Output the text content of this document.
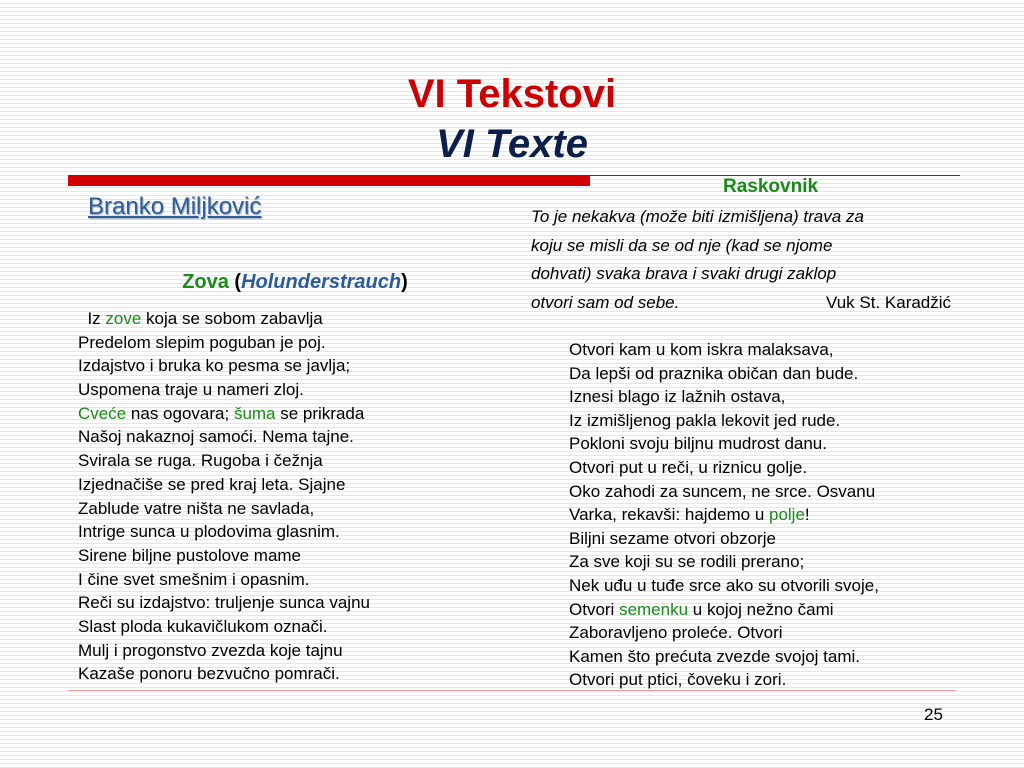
VI Tekstovi
VI Texte
Branko Miljković
Zova (Holunderstrauch)
Iz zove koja se sobom zabavlja
Predelom slepim poguban je poj.
Izdajstvo i bruka ko pesma se javlja;
Uspomena traje u nameri zloj.
Cveće nas ogovara; šuma se prikrada
Našoj nakaznoj samoći. Nema tajne.
Svirala se ruga. Rugoba i čežnja
Izjednačiše se pred kraj leta. Sjajne
Zablude vatre ništa ne savlada,
Intrige sunca u plodovima glasnim.
Sirene biljne pustolove mame
I čine svet smešnim i opasnim.
Reči su izdajstvo: truljenje sunca vajnu
Slast ploda kukavičlukom označi.
Mulj i progonstvo zvezda koje tajnu
Kazaše ponoru bezvučno pomrači.
Raskovnik
To je nekakva (može biti izmišljena) trava za
koju se misli da se od nje (kad se njome
dohvati) svaka brava i svaki drugi zaklop
otvori sam od sebe.	Vuk St. Karadžić
Otvori kam u kom iskra malaksava,
Da lepši od praznika običan dan bude.
Iznesi blago iz lažnih ostava,
Iz izmišljenog pakla lekovit jed rude.
Pokloni svoju biljnu mudrost danu.
Otvori put u reči, u riznicu golje.
Oko zahodi za suncem, ne srce. Osvanu
Varka, rekavši: hajdemo u polje!
Biljni sezame otvori obzorje
Za sve koji su se rodili prerano;
Nek uđu u tuđe srce ako su otvorili svoje,
Otvori semenku u kojoj nežno čami
Zaboravljeno proleće. Otvori
Kamen što prećuta zvezde svojoj tami.
Otvori put ptici, čoveku i zori.
25
